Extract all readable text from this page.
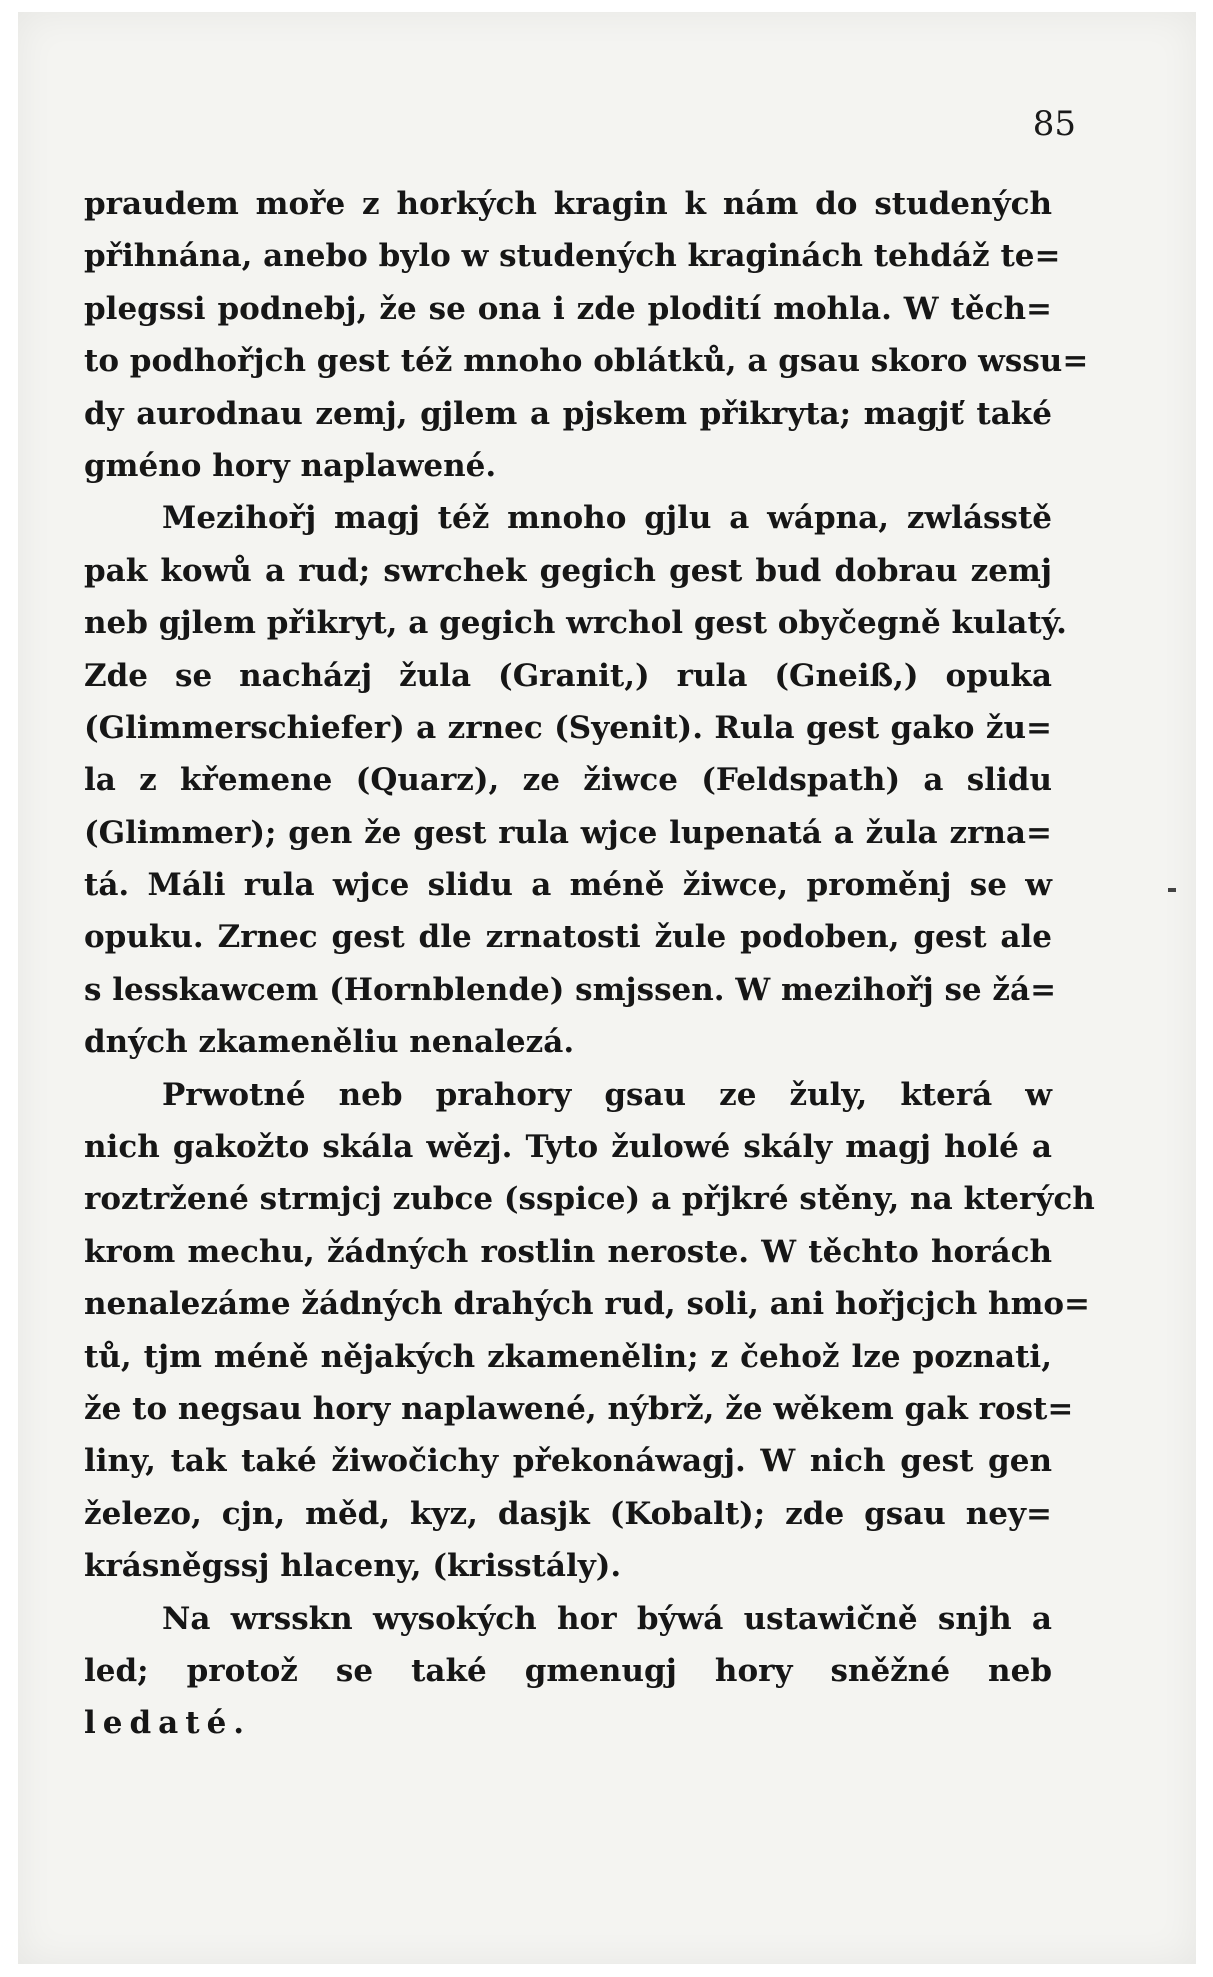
85

praudem moře z horkých kragin k nám do studených
přihnána, anebo bylo w studených kraginách tehdáž te=
plegssi podnebj, že se ona i zde plodití mohla. W těch=
to podhořjch gest též mnoho oblátků, a gsau skoro wssu=
dy aurodnau zemj, gjlem a pjskem přikryta; magjť také
gméno hory naplawené.
Mezihořj magj též mnoho gjlu a wápna, zwlásstě
pak kowů a rud; swrchek gegich gest bud dobrau zemj
neb gjlem přikryt, a gegich wrchol gest obyčegně kulatý.
Zde se nacházj žula (Granit,) rula (Gneiß,) opuka
(Glimmerschiefer) a zrnec (Syenit). Rula gest gako žu=
la z křemene (Quarz), ze žiwce (Feldspath) a slidu
(Glimmer); gen že gest rula wjce lupenatá a žula zrna=
tá. Máli rula wjce slidu a méně žiwce, proměnj se w
opuku. Zrnec gest dle zrnatosti žule podoben, gest ale
s lesskawcem (Hornblende) smjssen. W mezihořj se žá=
dných zkameněliu nenalezá.
Prwotné neb prahory gsau ze žuly, která w
nich gakožto skála wězj. Tyto žulowé skály magj holé a
roztržené strmjcj zubce (sspice) a přjkré stěny, na kterých
krom mechu, žádných rostlin neroste. W těchto horách
nenalezáme žádných drahých rud, soli, ani hořjcjch hmo=
tů, tjm méně nějakých zkamenělin; z čehož lze poznati,
že to negsau hory naplawené, nýbrž, že wěkem gak rost=
liny, tak také žiwočichy překonáwagj. W nich gest gen
železo, cjn, měd, kyz, dasjk (Kobalt); zde gsau ney=
krásněgssj hlaceny, (krisstály).
Na wrsskn wysokých hor býwá ustawičně snjh a
led; protož se také gmenugj hory sněžné neb
ledaté.
